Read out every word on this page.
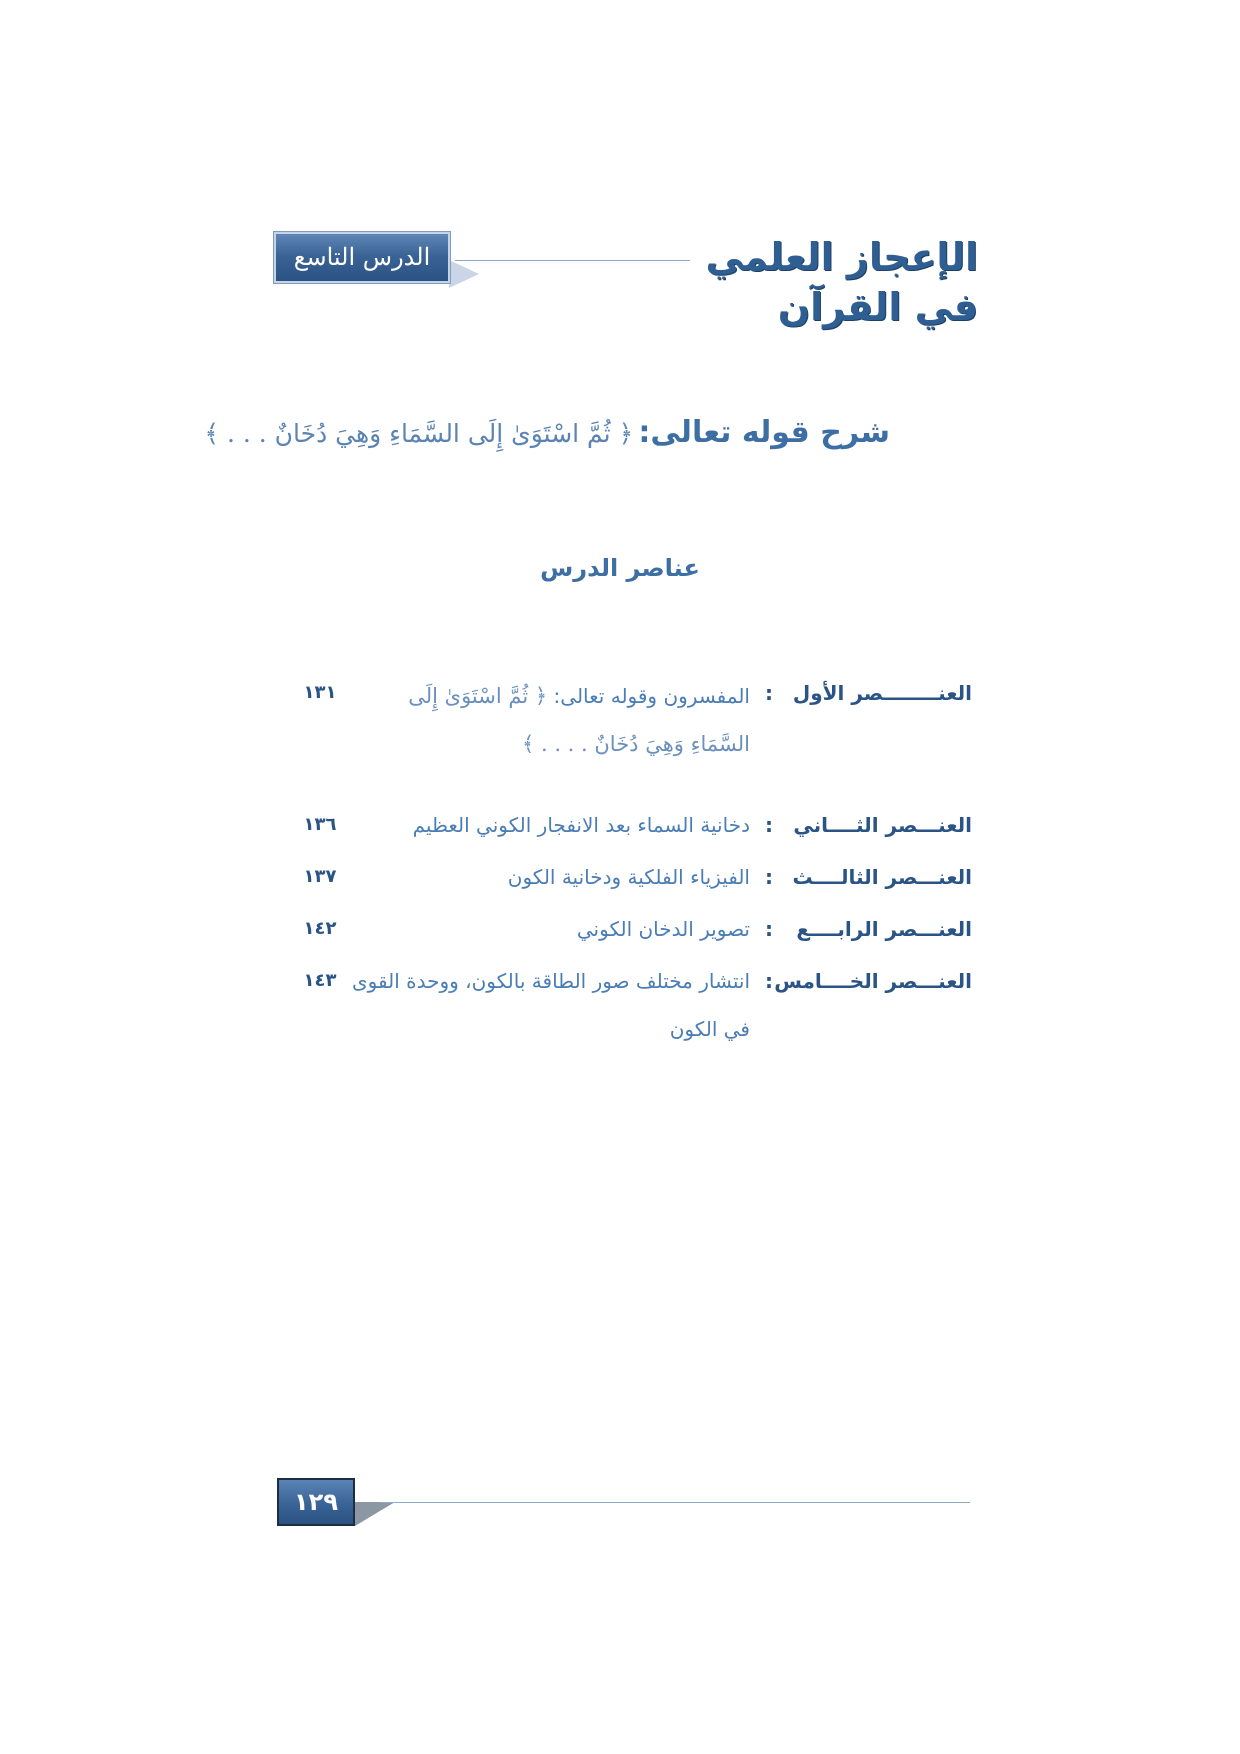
الإعجاز العلمي في القرآن
الدرس التاسع
شرح قوله تعالى: ﴿ ثُمَّ اسْتَوَىٰ إِلَى السَّمَاءِ وَهِيَ دُخَانٌ . . . ﴾
عناصر الدرس
العنــــــــصر الأول
:
المفسرون وقوله تعالى: ﴿ ثُمَّ اسْتَوَىٰ إِلَى السَّمَاءِ وَهِيَ دُخَانٌ . . . . ﴾
١٣١
العنـــصر الثــــاني
:
دخانية السماء بعد الانفجار الكوني العظيم
١٣٦
العنـــصر الثالــــث
:
الفيزياء الفلكية ودخانية الكون
١٣٧
العنـــصر الرابــــع
:
تصوير الدخان الكوني
١٤٢
العنـــصر الخــــامس
:
انتشار مختلف صور الطاقة بالكون، ووحدة القوى في الكون
١٤٣
١٢٩
